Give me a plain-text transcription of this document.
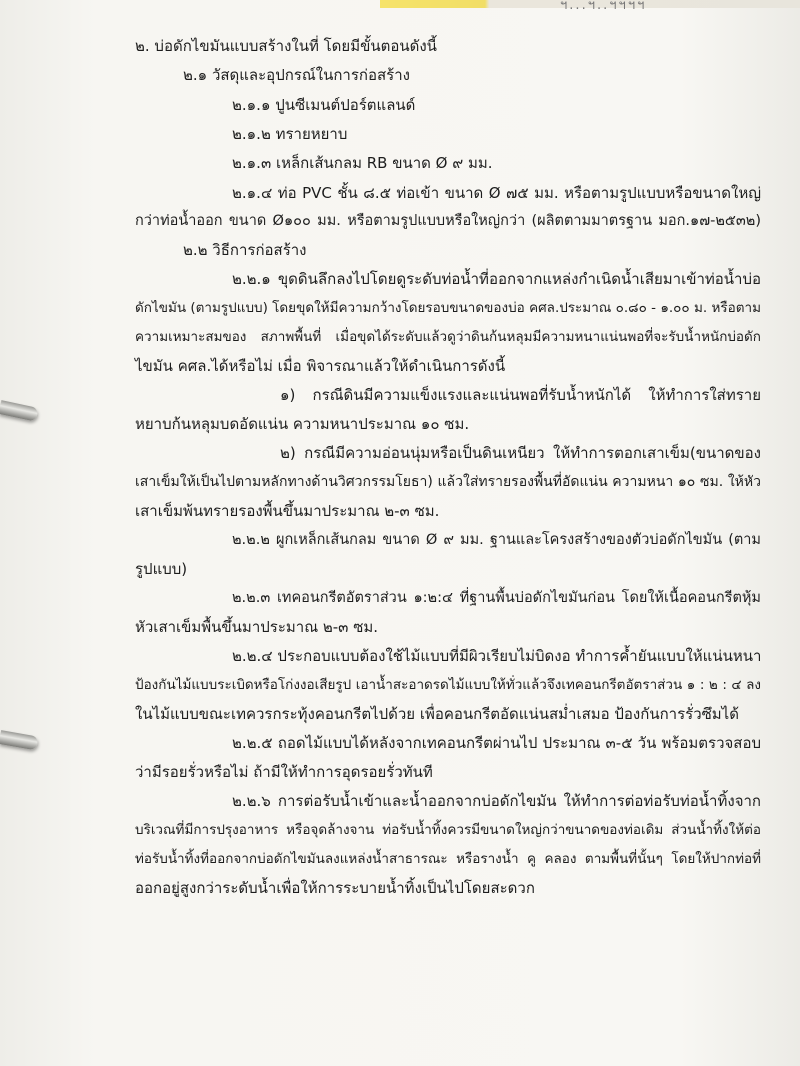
ฯ...ฯ..ฯฯฯฯ
๒. บ่อดักไขมันแบบสร้างในที่ โดยมีขั้นตอนดังนี้
๒.๑ วัสดุและอุปกรณ์ในการก่อสร้าง
๒.๑.๑ ปูนซีเมนต์ปอร์ตแลนด์
๒.๑.๒ ทรายหยาบ
๒.๑.๓ เหล็กเส้นกลม RB ขนาด Ø ๙ มม.
๒.๑.๔ ท่อ PVC ชั้น ๘.๕ ท่อเข้า ขนาด Ø ๗๕ มม. หรือตามรูปแบบหรือขนาดใหญ่
กว่าท่อน้ำออก ขนาด Ø๑๐๐ มม. หรือตามรูปแบบหรือใหญ่กว่า (ผลิตตามมาตรฐาน มอก.๑๗-๒๕๓๒)
๒.๒ วิธีการก่อสร้าง
๒.๒.๑ ขุดดินลึกลงไปโดยดูระดับท่อน้ำที่ออกจากแหล่งกำเนิดน้ำเสียมาเข้าท่อน้ำบ่อ
ดักไขมัน (ตามรูปแบบ) โดยขุดให้มีความกว้างโดยรอบขนาดของบ่อ คศล.ประมาณ ๐.๘๐ - ๑.๐๐ ม. หรือตาม
ความเหมาะสมของ สภาพพื้นที่ เมื่อขุดได้ระดับแล้วดูว่าดินก้นหลุมมีความหนาแน่นพอที่จะรับน้ำหนักบ่อดัก
ไขมัน คศล.ได้หรือไม่ เมื่อ พิจารณาแล้วให้ดำเนินการดังนี้
๑) กรณีดินมีความแข็งแรงและแน่นพอที่รับน้ำหนักได้ ให้ทำการใส่ทราย
หยาบก้นหลุมบดอัดแน่น ความหนาประมาณ ๑๐ ซม.
๒) กรณีมีความอ่อนนุ่มหรือเป็นดินเหนียว ให้ทำการตอกเสาเข็ม(ขนาดของ
เสาเข็มให้เป็นไปตามหลักทางด้านวิศวกรรมโยธา) แล้วใส่ทรายรองพื้นที่อัดแน่น ความหนา ๑๐ ซม. ให้หัว
เสาเข็มพ้นทรายรองพื้นขึ้นมาประมาณ ๒-๓ ซม.
๒.๒.๒ ผูกเหล็กเส้นกลม ขนาด Ø ๙ มม. ฐานและโครงสร้างของตัวบ่อดักไขมัน (ตาม
รูปแบบ)
๒.๒.๓ เทคอนกรีตอัตราส่วน ๑:๒:๔ ที่ฐานพื้นบ่อดักไขมันก่อน โดยให้เนื้อคอนกรีตหุ้ม
หัวเสาเข็มพื้นขึ้นมาประมาณ ๒-๓ ซม.
๒.๒.๔ ประกอบแบบต้องใช้ไม้แบบที่มีผิวเรียบไม่บิดงอ ทำการค้ำยันแบบให้แน่นหนา
ป้องกันไม้แบบระเบิดหรือโก่งงอเสียรูป เอาน้ำสะอาดรดไม้แบบให้ทั่วแล้วจึงเทคอนกรีตอัตราส่วน ๑ : ๒ : ๔ ลง
ในไม้แบบขณะเทควรกระทุ้งคอนกรีตไปด้วย เพื่อคอนกรีตอัดแน่นสม่ำเสมอ ป้องกันการรั่วซึมได้
๒.๒.๕ ถอดไม้แบบได้หลังจากเทคอนกรีตผ่านไป ประมาณ ๓-๕ วัน พร้อมตรวจสอบ
ว่ามีรอยรั่วหรือไม่ ถ้ามีให้ทำการอุดรอยรั่วทันที
๒.๒.๖ การต่อรับน้ำเข้าและน้ำออกจากบ่อดักไขมัน ให้ทำการต่อท่อรับท่อน้ำทิ้งจาก
บริเวณที่มีการปรุงอาหาร หรือจุดล้างจาน ท่อรับน้ำทิ้งควรมีขนาดใหญ่กว่าขนาดของท่อเดิม ส่วนน้ำทิ้งให้ต่อ
ท่อรับน้ำทิ้งที่ออกจากบ่อดักไขมันลงแหล่งน้ำสาธารณะ หรือรางน้ำ คู คลอง ตามพื้นที่นั้นๆ โดยให้ปากท่อที่
ออกอยู่สูงกว่าระดับน้ำเพื่อให้การระบายน้ำทิ้งเป็นไปโดยสะดวก
